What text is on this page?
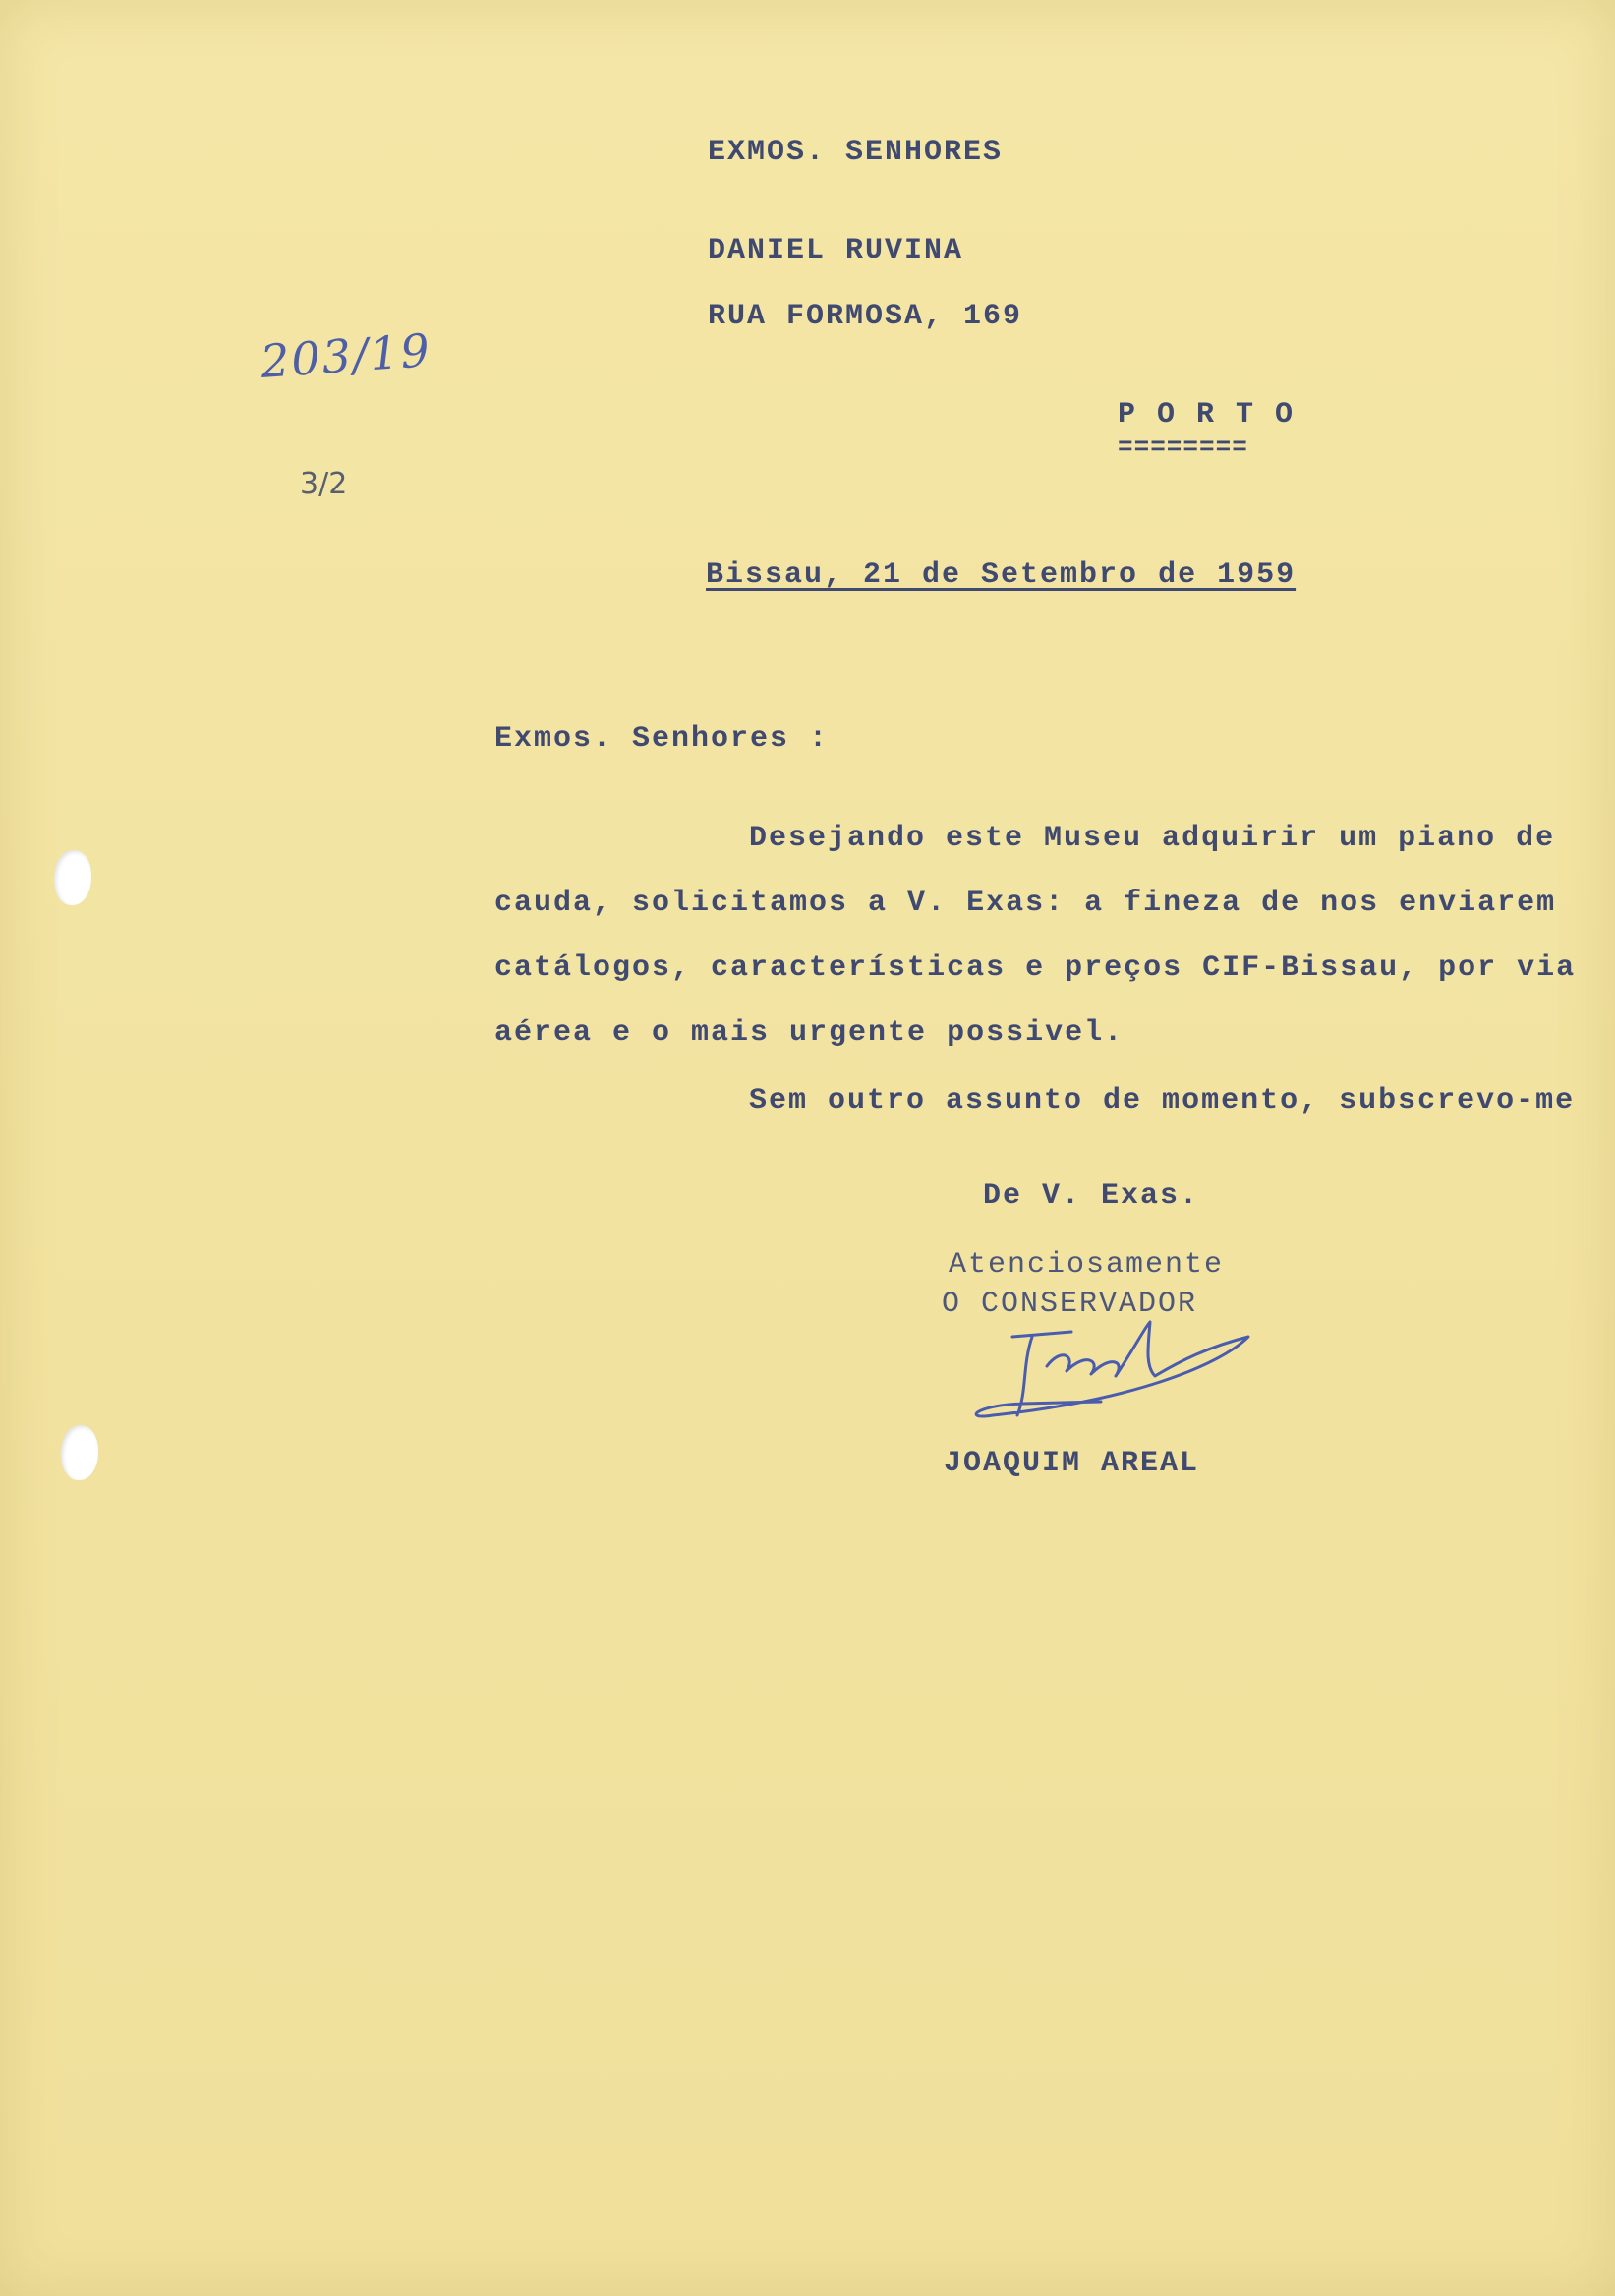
EXMOS. SENHORES
DANIEL RUVINA
RUA FORMOSA, 169
P O R T O
========
203/19
3/2
Bissau, 21 de Setembro de 1959
Exmos. Senhores :
Desejando este Museu adquirir um piano de
cauda, solicitamos a V. Exas: a fineza de nos enviarem
catálogos, características e preços CIF-Bissau, por via
aérea e o mais urgente possivel.
Sem outro assunto de momento, subscrevo-me
De V. Exas.
Atenciosamente
O CONSERVADOR
JOAQUIM AREAL
